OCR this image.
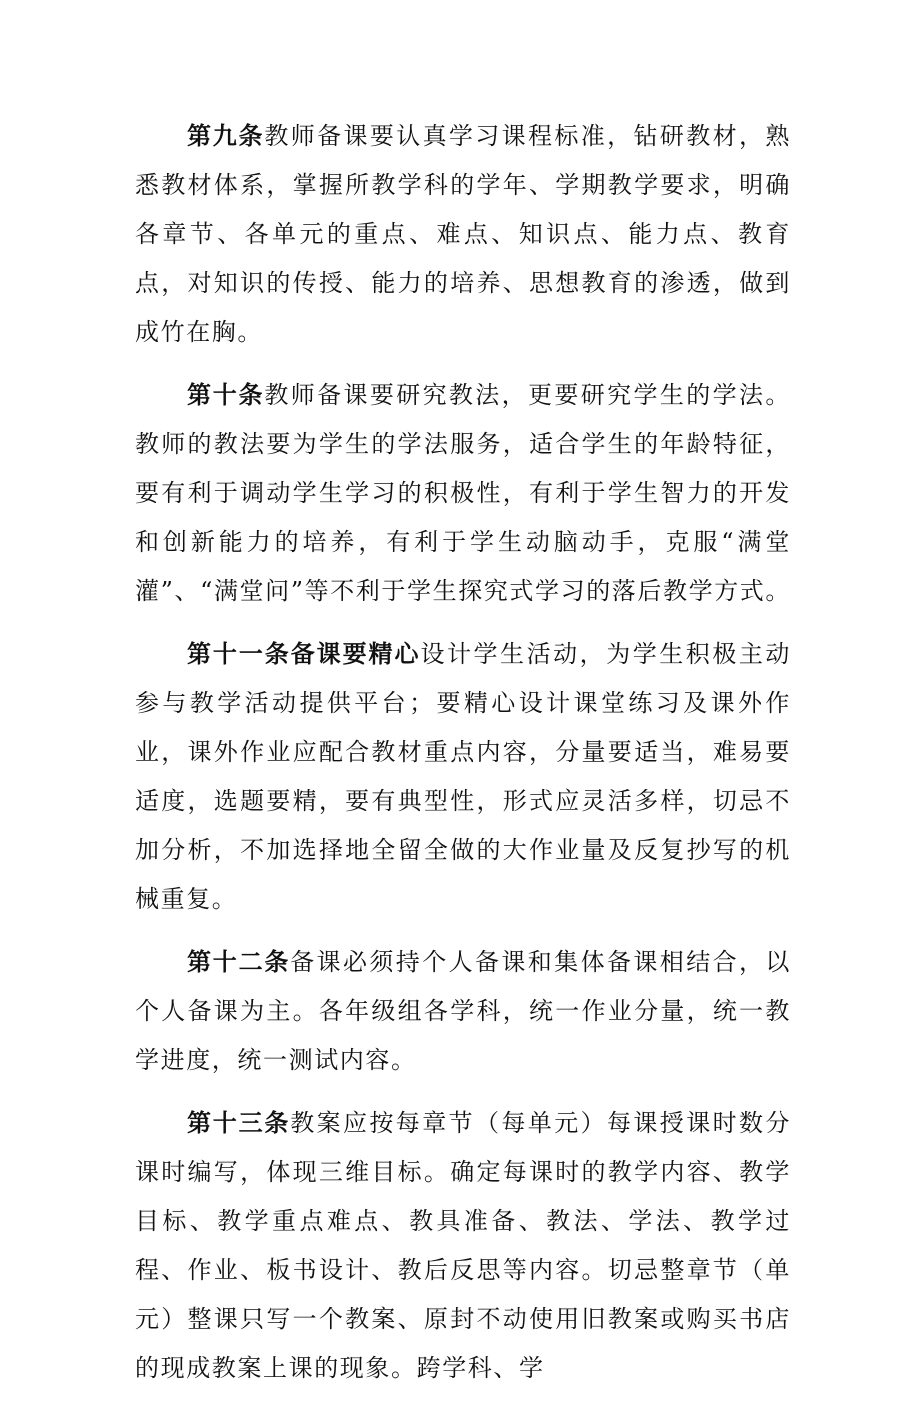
第九条教师备课要认真学习课程标准，钻研教材，熟悉教材体系，掌握所教学科的学年、学期教学要求，明确各章节、各单元的重点、难点、知识点、能力点、教育点，对知识的传授、能力的培养、思想教育的渗透，做到成竹在胸。

第十条教师备课要研究教法，更要研究学生的学法。教师的教法要为学生的学法服务，适合学生的年龄特征，要有利于调动学生学习的积极性，有利于学生智力的开发和创新能力的培养，有利于学生动脑动手，克服“满堂灌”、“满堂问”等不利于学生探究式学习的落后教学方式。

第十一条备课要精心设计学生活动，为学生积极主动参与教学活动提供平台；要精心设计课堂练习及课外作业，课外作业应配合教材重点内容，分量要适当，难易要适度，选题要精，要有典型性，形式应灵活多样，切忌不加分析，不加选择地全留全做的大作业量及反复抄写的机械重复。

第十二条备课必须持个人备课和集体备课相结合，以个人备课为主。各年级组各学科，统一作业分量，统一教学进度，统一测试内容。

第十三条教案应按每章节（每单元）每课授课时数分课时编写，体现三维目标。确定每课时的教学内容、教学目标、教学重点难点、教具准备、教法、学法、教学过程、作业、板书设计、教后反思等内容。切忌整章节（单元）整课只写一个教案、原封不动使用旧教案或购买书店的现成教案上课的现象。跨学科、学
